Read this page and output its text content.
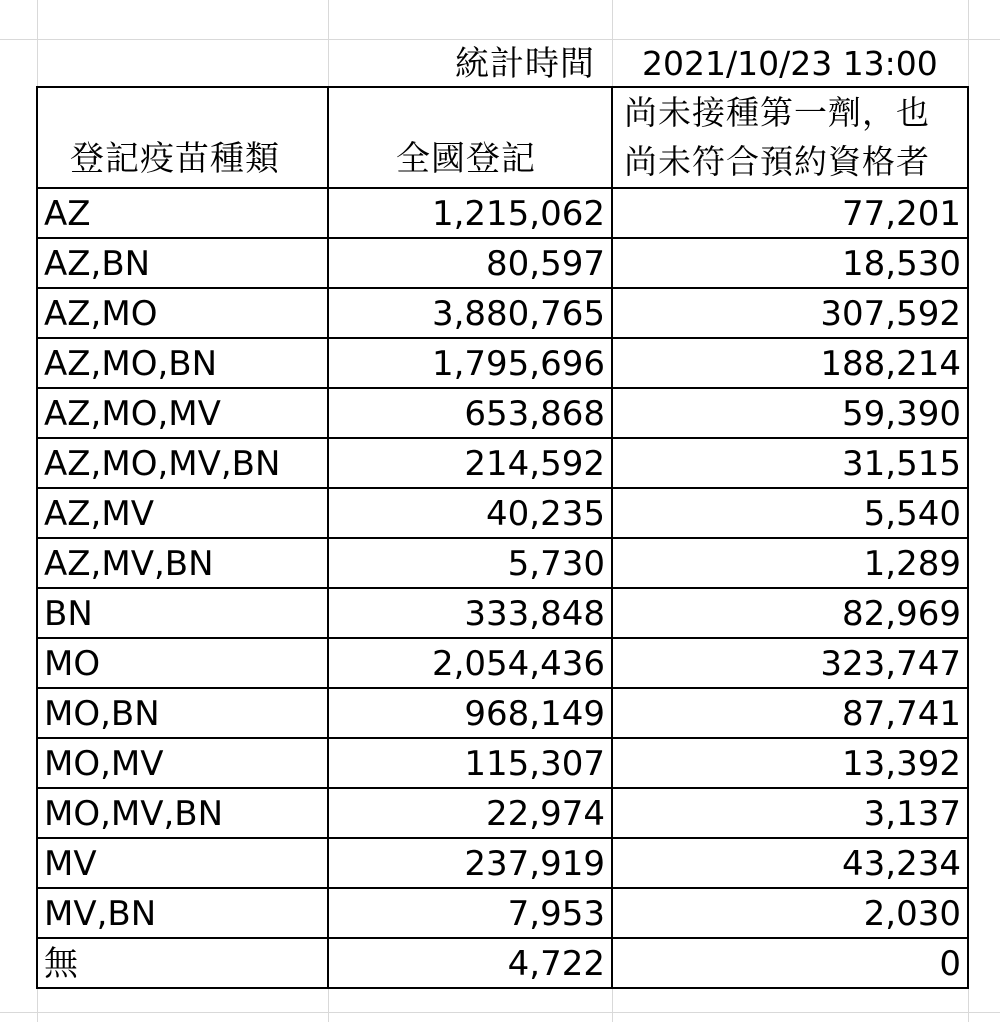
統計時間 2021/10/23 13:00
登記疫苗種類	全國登記
尚未接種第一劑，也
尚未符合預約資格者
AZ	1,215,062	77,201
AZ,BN	80,597	18,530
AZ,MO	3,880,765	307,592
AZ,MO,BN	1,795,696	188,214
AZ,MO,MV	653,868	59,390
AZ,MO,MV,BN	214,592	31,515
AZ,MV	40,235	5,540
AZ,MV,BN	5,730	1,289
BN	333,848	82,969
MO	2,054,436	323,747
MO,BN	968,149	87,741
MO,MV	115,307	13,392
MO,MV,BN	22,974	3,137
MV	237,919	43,234
MV,BN	7,953	2,030
無	4,722	0
